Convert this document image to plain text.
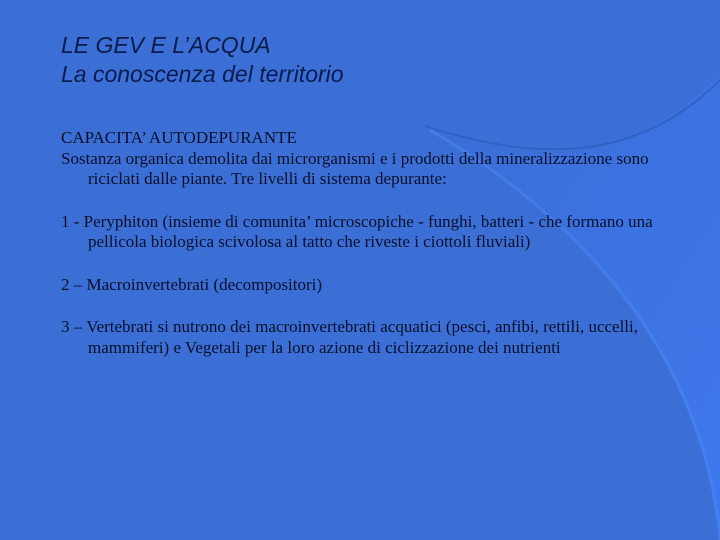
LE GEV E L’ACQUA
La conoscenza del territorio

CAPACITA’ AUTODEPURANTE

Sostanza organica demolita dai microrganismi e i prodotti della mineralizzazione sono riciclati dalle piante. Tre livelli di sistema depurante:

1 - Peryphiton (insieme di comunita’ microscopiche - funghi, batteri - che formano una pellicola biologica scivolosa al tatto che riveste i ciottoli fluviali)

2 – Macroinvertebrati (decompositori)

3 – Vertebrati si nutrono dei macroinvertebrati acquatici (pesci, anfibi, rettili, uccelli, mammiferi) e Vegetali per la loro azione di ciclizzazione dei nutrienti
